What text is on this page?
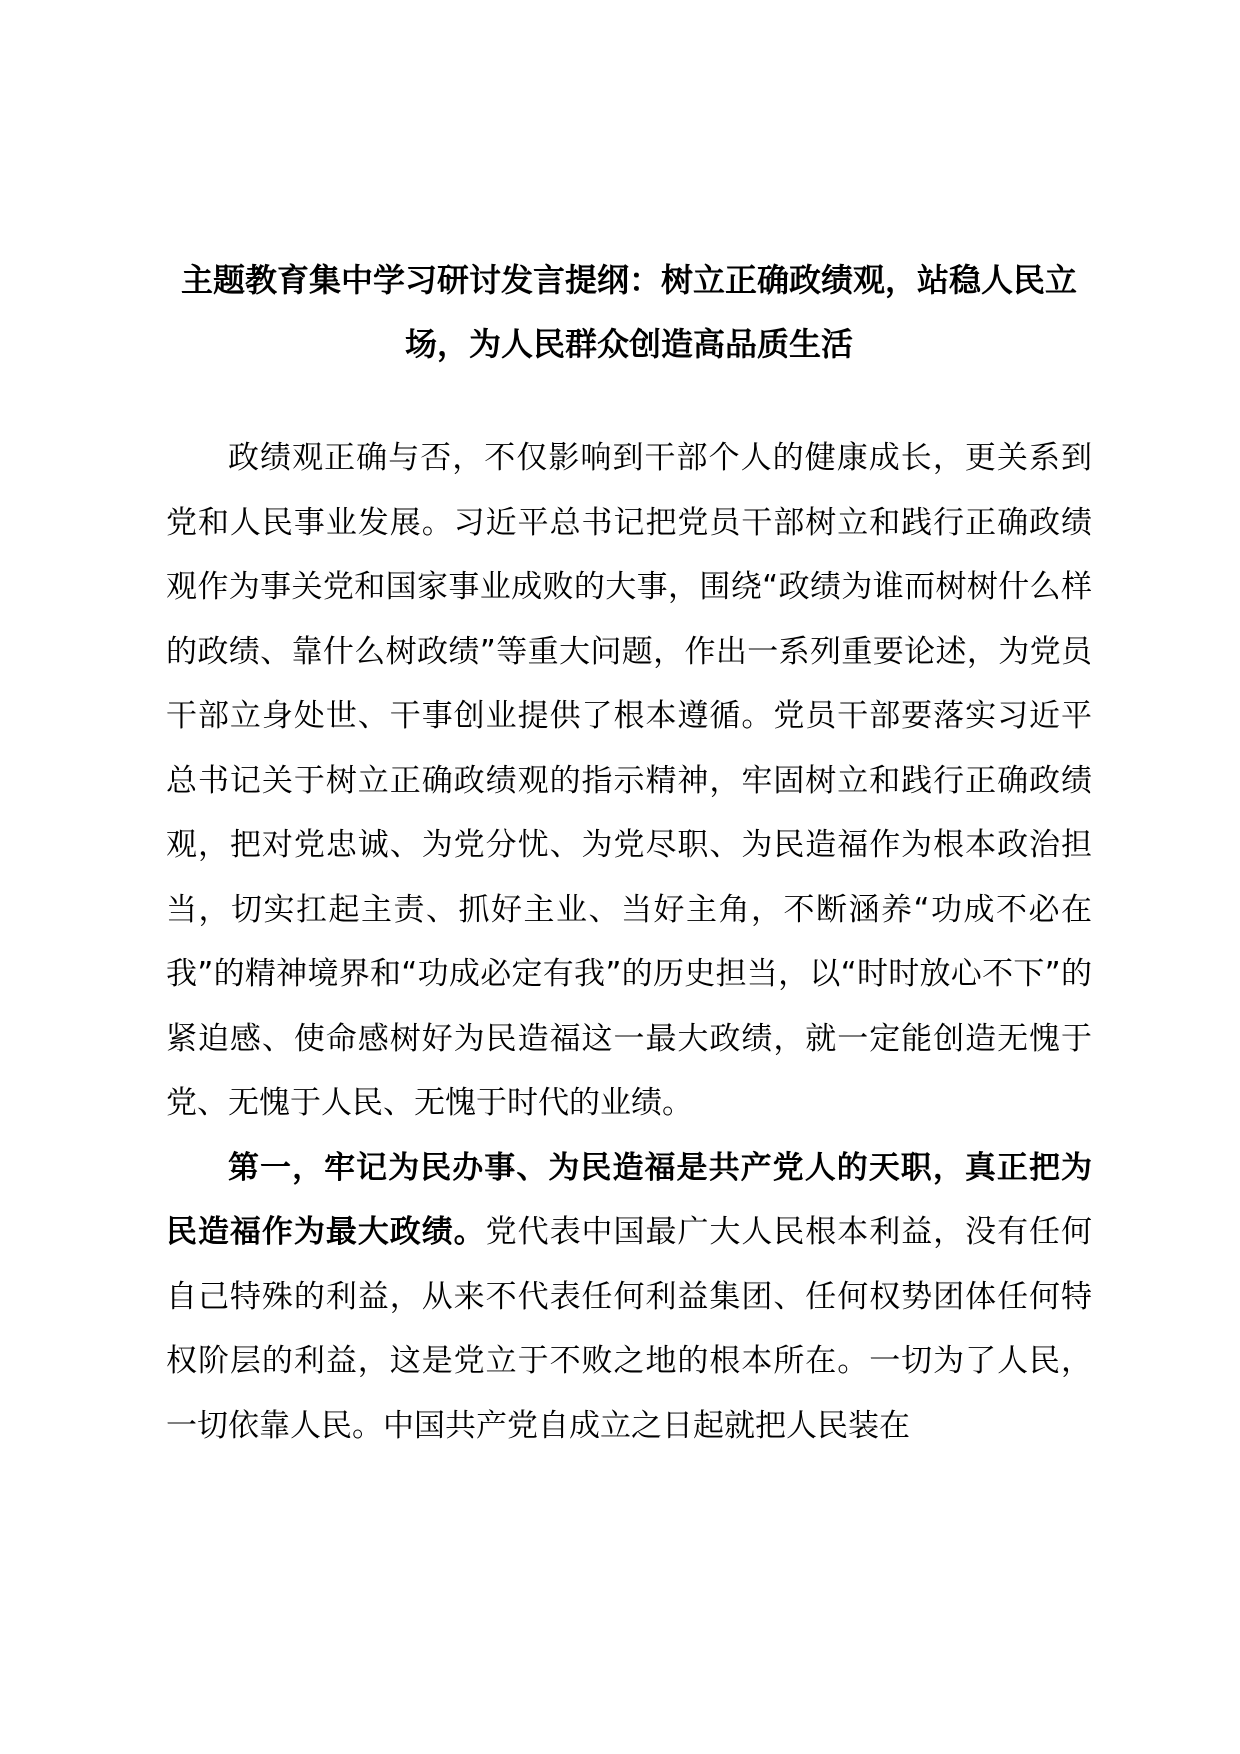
主题教育集中学习研讨发言提纲：树立正确政绩观，站稳人民立场，为人民群众创造高品质生活

政绩观正确与否，不仅影响到干部个人的健康成长，更关系到党和人民事业发展。习近平总书记把党员干部树立和践行正确政绩观作为事关党和国家事业成败的大事，围绕“政绩为谁而树树什么样的政绩、靠什么树政绩”等重大问题，作出一系列重要论述，为党员干部立身处世、干事创业提供了根本遵循。党员干部要落实习近平总书记关于树立正确政绩观的指示精神，牢固树立和践行正确政绩观，把对党忠诚、为党分忧、为党尽职、为民造福作为根本政治担当，切实扛起主责、抓好主业、当好主角，不断涵养“功成不必在我”的精神境界和“功成必定有我”的历史担当，以“时时放心不下”的紧迫感、使命感树好为民造福这一最大政绩，就一定能创造无愧于党、无愧于人民、无愧于时代的业绩。

第一，牢记为民办事、为民造福是共产党人的天职，真正把为民造福作为最大政绩。党代表中国最广大人民根本利益，没有任何自己特殊的利益，从来不代表任何利益集团、任何权势团体任何特权阶层的利益，这是党立于不败之地的根本所在。一切为了人民，一切依靠人民。中国共产党自成立之日起就把人民装在
